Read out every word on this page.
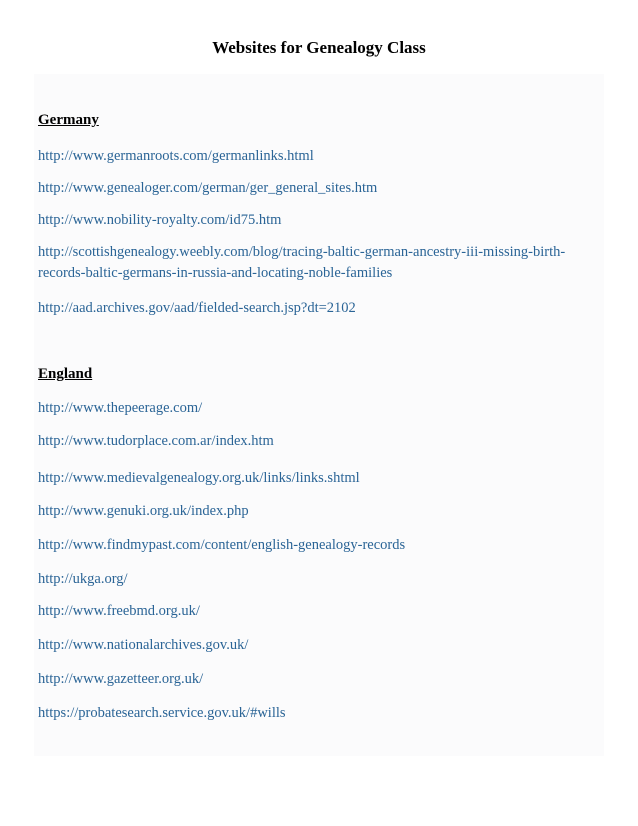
Websites for Genealogy Class
Germany
http://www.germanroots.com/germanlinks.html
http://www.genealoger.com/german/ger_general_sites.htm
http://www.nobility-royalty.com/id75.htm
http://scottishgenealogy.weebly.com/blog/tracing-baltic-german-ancestry-iii-missing-birth-records-baltic-germans-in-russia-and-locating-noble-families
http://aad.archives.gov/aad/fielded-search.jsp?dt=2102
England
http://www.thepeerage.com/
http://www.tudorplace.com.ar/index.htm
http://www.medievalgenealogy.org.uk/links/links.shtml
http://www.genuki.org.uk/index.php
http://www.findmypast.com/content/english-genealogy-records
http://ukga.org/
http://www.freebmd.org.uk/
http://www.nationalarchives.gov.uk/
http://www.gazetteer.org.uk/
https://probatesearch.service.gov.uk/#wills
